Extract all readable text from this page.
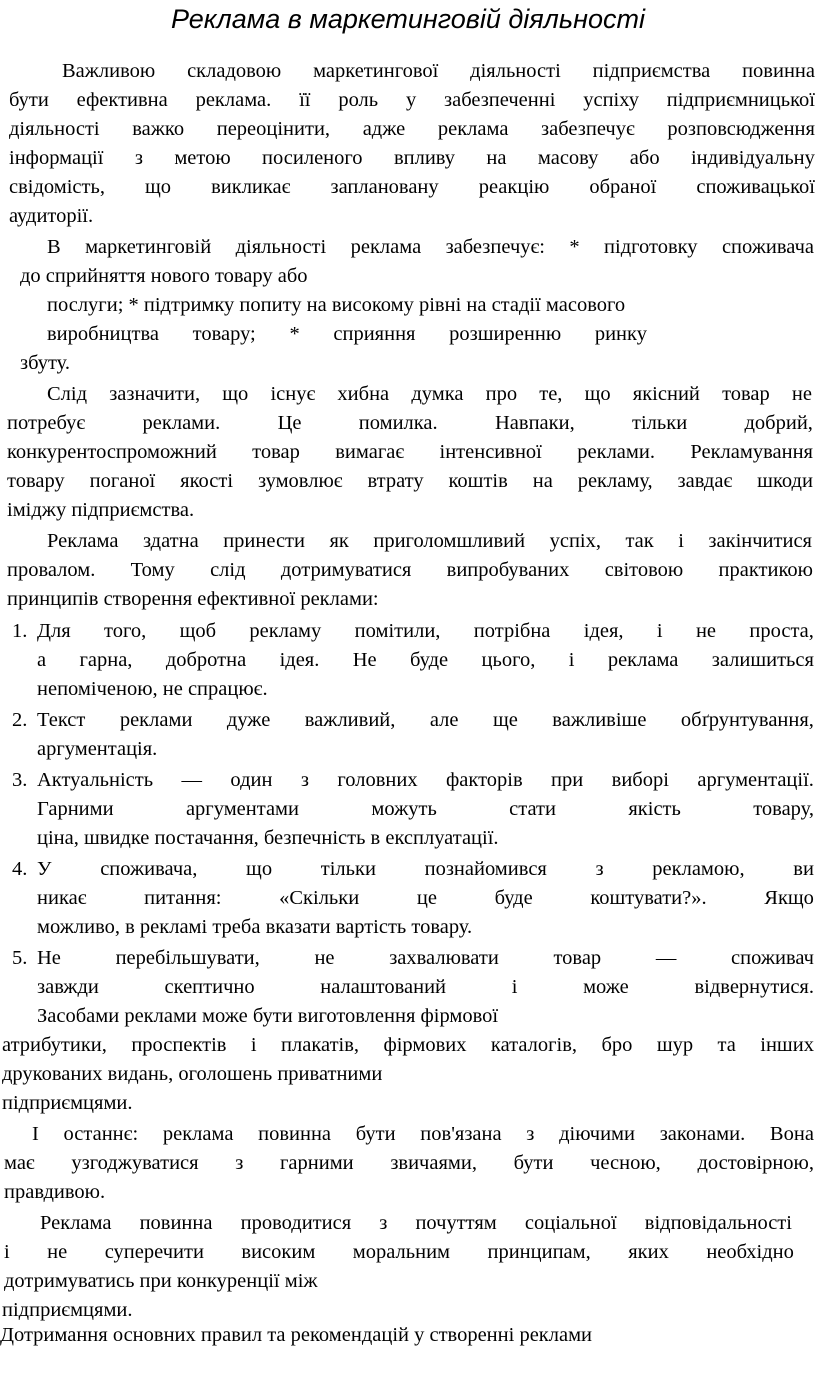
Реклама в маркетинговій діяльності
Важливою складовою маркетингової діяльності підприємства повинна
бути ефективна реклама. її роль у забезпеченні успіху підприємницької
діяльності важко переоцінити, адже реклама забезпечує розповсюдження
інформації з метою посиленого впливу на масову або індивідуальну
свідомість, що викликає заплановану реакцію обраної споживацької
аудиторії.
В маркетинговій діяльності реклама забезпечує: * підготовку споживача
до сприйняття нового товару або
послуги; * підтримку попиту на високому рівні на стадії масового
виробництва товару; * сприяння розширенню ринку
збуту.
Слід зазначити, що існує хибна думка про те, що якісний товар не
потребує	реклами.	Це	помилка.	Навпаки,	тільки	добрий,
конкурентоспроможний товар вимагає інтенсивної реклами. Рекламування
товару поганої якості зумовлює втрату коштів на рекламу, завдає шкоди
іміджу підприємства.
Реклама здатна принести як приголомшливий успіх, так і закінчитися
провалом. Тому слід дотримуватися випробуваних світовою практикою
принципів створення ефективної реклами:
Для того, щоб рекламу помітили, потрібна ідея, і не проста,
а гарна, добротна ідея. Не буде цього, і реклама залишиться
непоміченою, не спрацює.
Текст реклами дуже важливий, але ще важливіше обґрунтування,
аргументація.
Актуальність — один з головних факторів при виборі аргументації.
Гарними	аргументами	можуть	стати	якість	товару,
ціна, швидке постачання, безпечність в експлуатації.
У споживача, що тільки познайомився з рекламою, ви
никає	питання:	«Скільки	це	буде	коштувати?».	Якщо
можливо, в рекламі треба вказати вартість товару.
Не	перебільшувати,	не	захвалювати	товар	—	споживач
завжди	скептично	налаштований	і	може	відвернутися.
Засобами реклами може бути виготовлення фірмової
атрибутики, проспектів і плакатів, фірмових каталогів, бро шур та інших
друкованих видань, оголошень приватними
підприємцями.
І останнє: реклама повинна бути пов'язана з діючими законами. Вона
має узгоджуватися з гарними звичаями, бути чесною, достовірною,
правдивою.
Реклама повинна проводитися з почуттям соціальної відповідальності
і не суперечити високим моральним принципам, яких необхідно
дотримуватись при конкуренції між
підприємцями.
1.
2.
3.
4.
5.
Дотримання основних правил та рекомендацій у створенні реклами
